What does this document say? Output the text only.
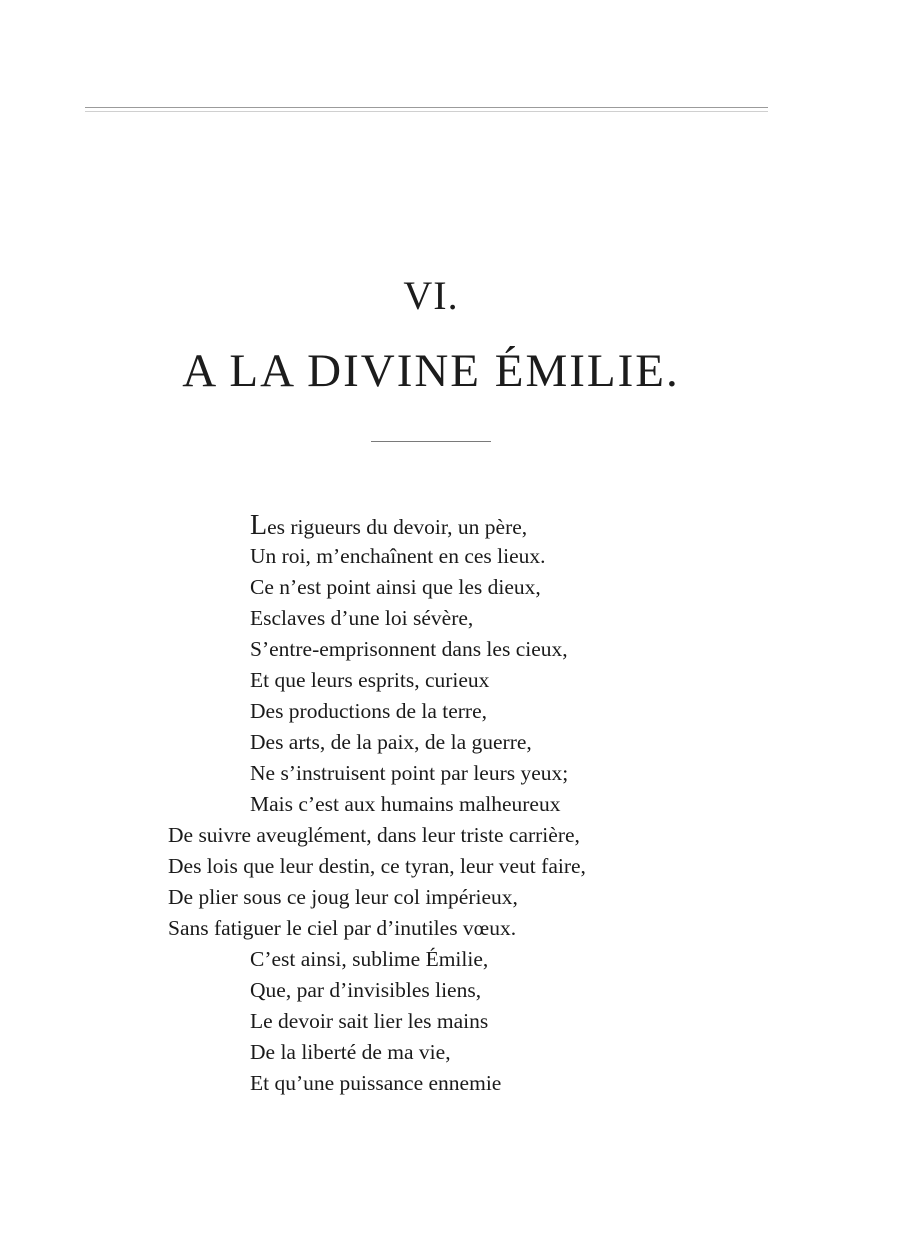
VI.
A LA DIVINE ÉMILIE.
Les rigueurs du devoir, un père,
Un roi, m’enchaînent en ces lieux.
Ce n’est point ainsi que les dieux,
Esclaves d’une loi sévère,
S’entre-emprisonnent dans les cieux,
Et que leurs esprits, curieux
Des productions de la terre,
Des arts, de la paix, de la guerre,
Ne s’instruisent point par leurs yeux;
Mais c’est aux humains malheureux
De suivre aveuglément, dans leur triste carrière,
Des lois que leur destin, ce tyran, leur veut faire,
De plier sous ce joug leur col impérieux,
Sans fatiguer le ciel par d’inutiles vœux.
C’est ainsi, sublime Émilie,
Que, par d’invisibles liens,
Le devoir sait lier les mains
De la liberté de ma vie,
Et qu’une puissance ennemie
